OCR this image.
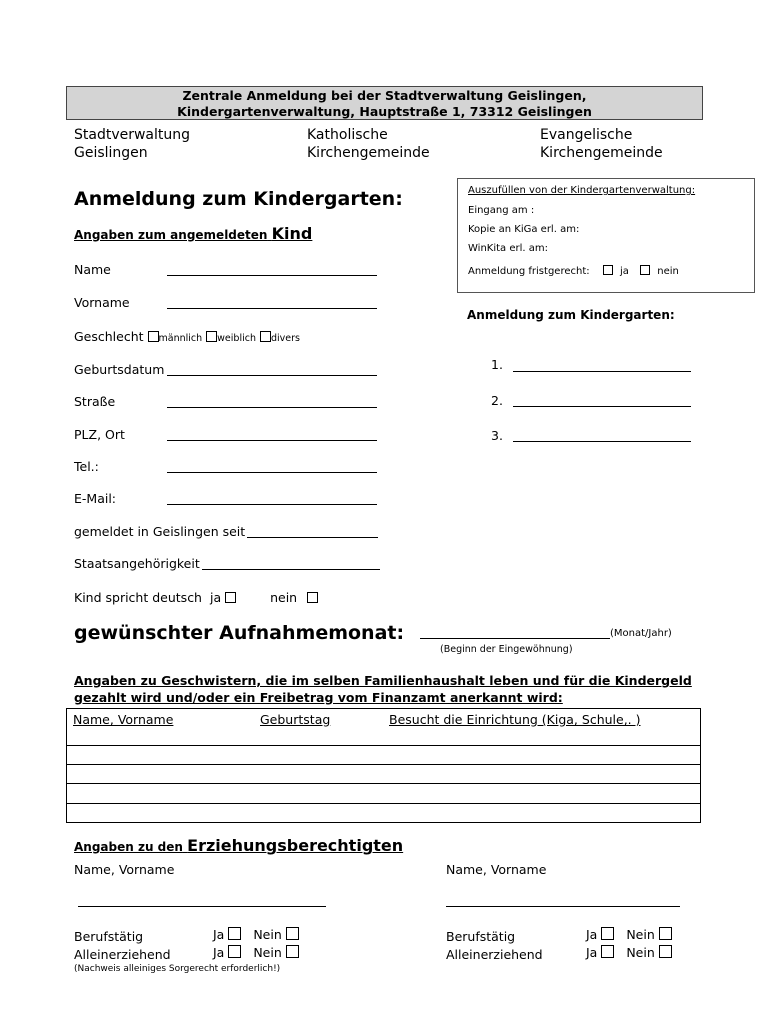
Zentrale Anmeldung bei der Stadtverwaltung Geislingen,
Kindergartenverwaltung, Hauptstraße 1, 73312 Geislingen
Stadtverwaltung
Geislingen
Katholische
Kirchengemeinde
Evangelische
Kirchengemeinde
Anmeldung zum Kindergarten:
Angaben zum angemeldeten Kind
Name
Vorname
Geschlecht männlich weiblich divers
Geburtsdatum
Straße
PLZ, Ort
Tel.:
E-Mail:
gemeldet in Geislingen seit
Staatsangehörigkeit
Kind spricht deutsch ja	nein
Auszufüllen von der Kindergartenverwaltung:
Eingang am :
Kopie an KiGa erl. am:
WinKita erl. am:
Anmeldung fristgerecht:	ja	nein
Anmeldung zum Kindergarten:
1.
2.
3.
gewünschter Aufnahmemonat:	(Monat/Jahr)
(Beginn der Eingewöhnung)
Angaben zu Geschwistern, die im selben Familienhaushalt leben und für die Kindergeld
gezahlt wird und/oder ein Freibetrag vom Finanzamt anerkannt wird:
Name, Vorname	Geburtstag	Besucht die Einrichtung (Kiga, Schule,. )
Angaben zu den Erziehungsberechtigten
Name, Vorname
Berufstätig	Ja Nein
Alleinerziehend	Ja Nein
(Nachweis alleiniges Sorgerecht erforderlich!)
Name, Vorname
Berufstätig	Ja Nein
Alleinerziehend	Ja Nein
